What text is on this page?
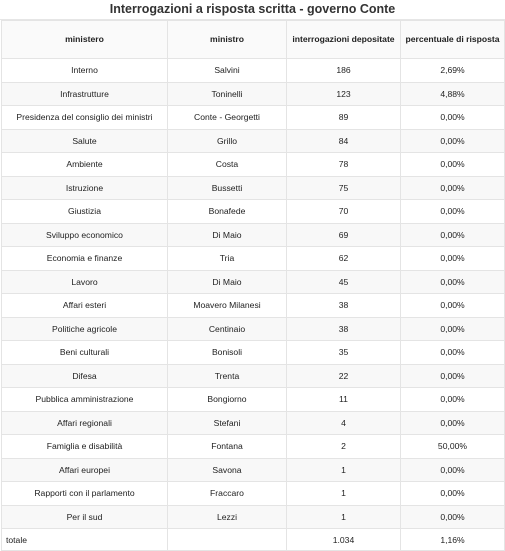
Interrogazioni a risposta scritta - governo Conte
ministero	ministro	interrogazioni depositate	percentuale di risposta
Interno	Salvini	186	2,69%
Infrastrutture	Toninelli	123	4,88%
Presidenza del consiglio dei ministri	Conte - Georgetti	89	0,00%
Salute	Grillo	84	0,00%
Ambiente	Costa	78	0,00%
Istruzione	Bussetti	75	0,00%
Giustizia	Bonafede	70	0,00%
Sviluppo economico	Di Maio	69	0,00%
Economia e finanze	Tria	62	0,00%
Lavoro	Di Maio	45	0,00%
Affari esteri	Moavero Milanesi	38	0,00%
Politiche agricole	Centinaio	38	0,00%
Beni culturali	Bonisoli	35	0,00%
Difesa	Trenta	22	0,00%
Pubblica amministrazione	Bongiorno	11	0,00%
Affari regionali	Stefani	4	0,00%
Famiglia e disabilità	Fontana	2	50,00%
Affari europei	Savona	1	0,00%
Rapporti con il parlamento	Fraccaro	1	0,00%
Per il sud	Lezzi	1	0,00%
totale		1.034	1,16%
